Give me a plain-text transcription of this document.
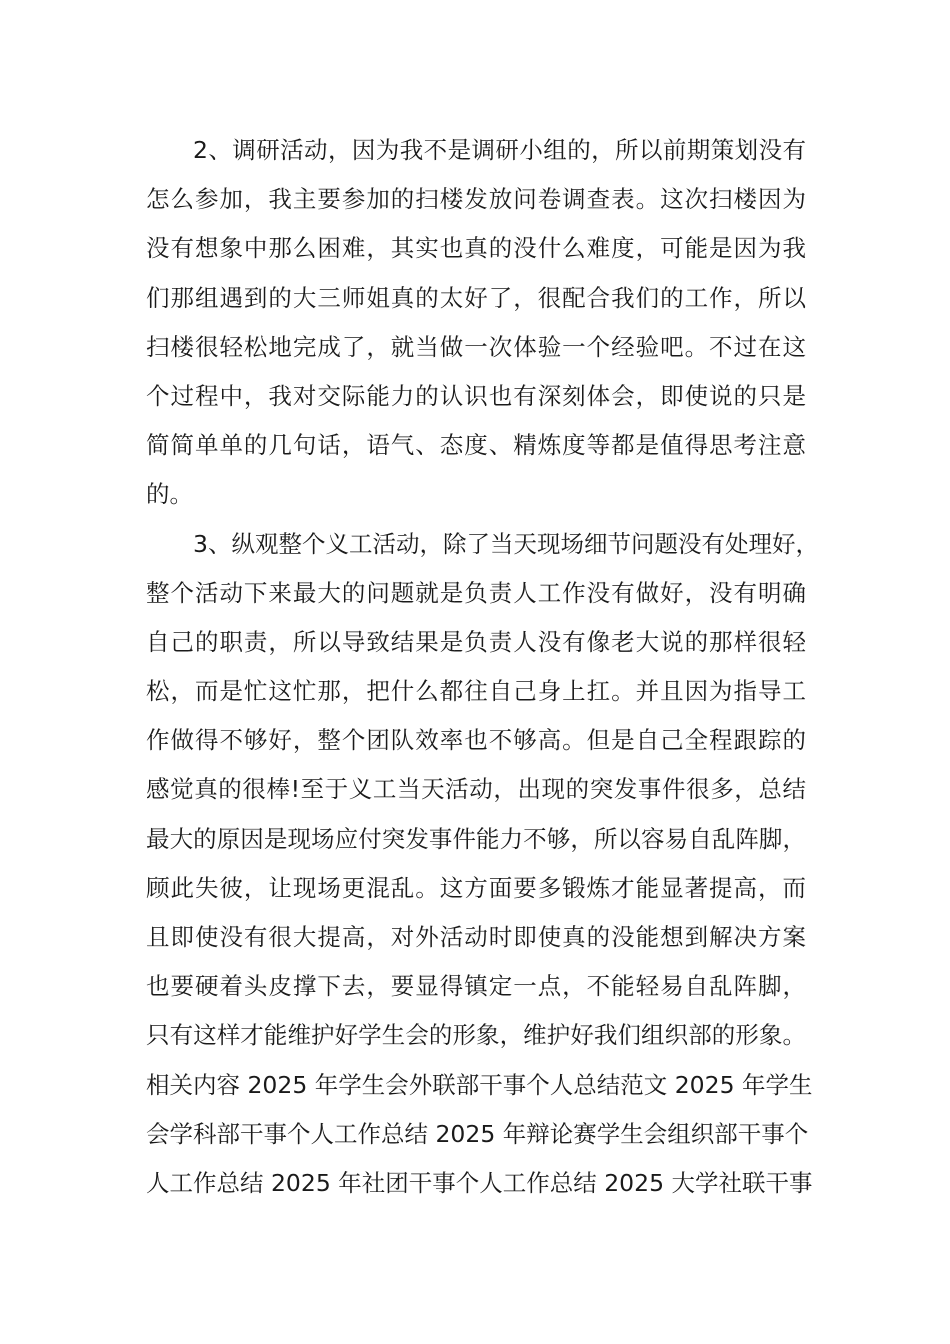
2、调研活动，因为我不是调研小组的，所以前期策划没有
怎么参加，我主要参加的扫楼发放问卷调查表。这次扫楼因为
没有想象中那么困难，其实也真的没什么难度，可能是因为我
们那组遇到的大三师姐真的太好了，很配合我们的工作，所以
扫楼很轻松地完成了，就当做一次体验一个经验吧。不过在这
个过程中，我对交际能力的认识也有深刻体会，即使说的只是
简简单单的几句话，语气、态度、精炼度等都是值得思考注意
的。
3、纵观整个义工活动，除了当天现场细节问题没有处理好，
整个活动下来最大的问题就是负责人工作没有做好，没有明确
自己的职责，所以导致结果是负责人没有像老大说的那样很轻
松，而是忙这忙那，把什么都往自己身上扛。并且因为指导工
作做得不够好，整个团队效率也不够高。但是自己全程跟踪的
感觉真的很棒!至于义工当天活动，出现的突发事件很多，总结
最大的原因是现场应付突发事件能力不够，所以容易自乱阵脚，
顾此失彼，让现场更混乱。这方面要多锻炼才能显著提高，而
且即使没有很大提高，对外活动时即使真的没能想到解决方案
也要硬着头皮撑下去，要显得镇定一点，不能轻易自乱阵脚，
只有这样才能维护好学生会的形象，维护好我们组织部的形象。
相关内容 2025 年学生会外联部干事个人总结范文 2025 年学生
会学科部干事个人工作总结 2025 年辩论赛学生会组织部干事个
人工作总结 2025 年社团干事个人工作总结 2025 大学社联干事
